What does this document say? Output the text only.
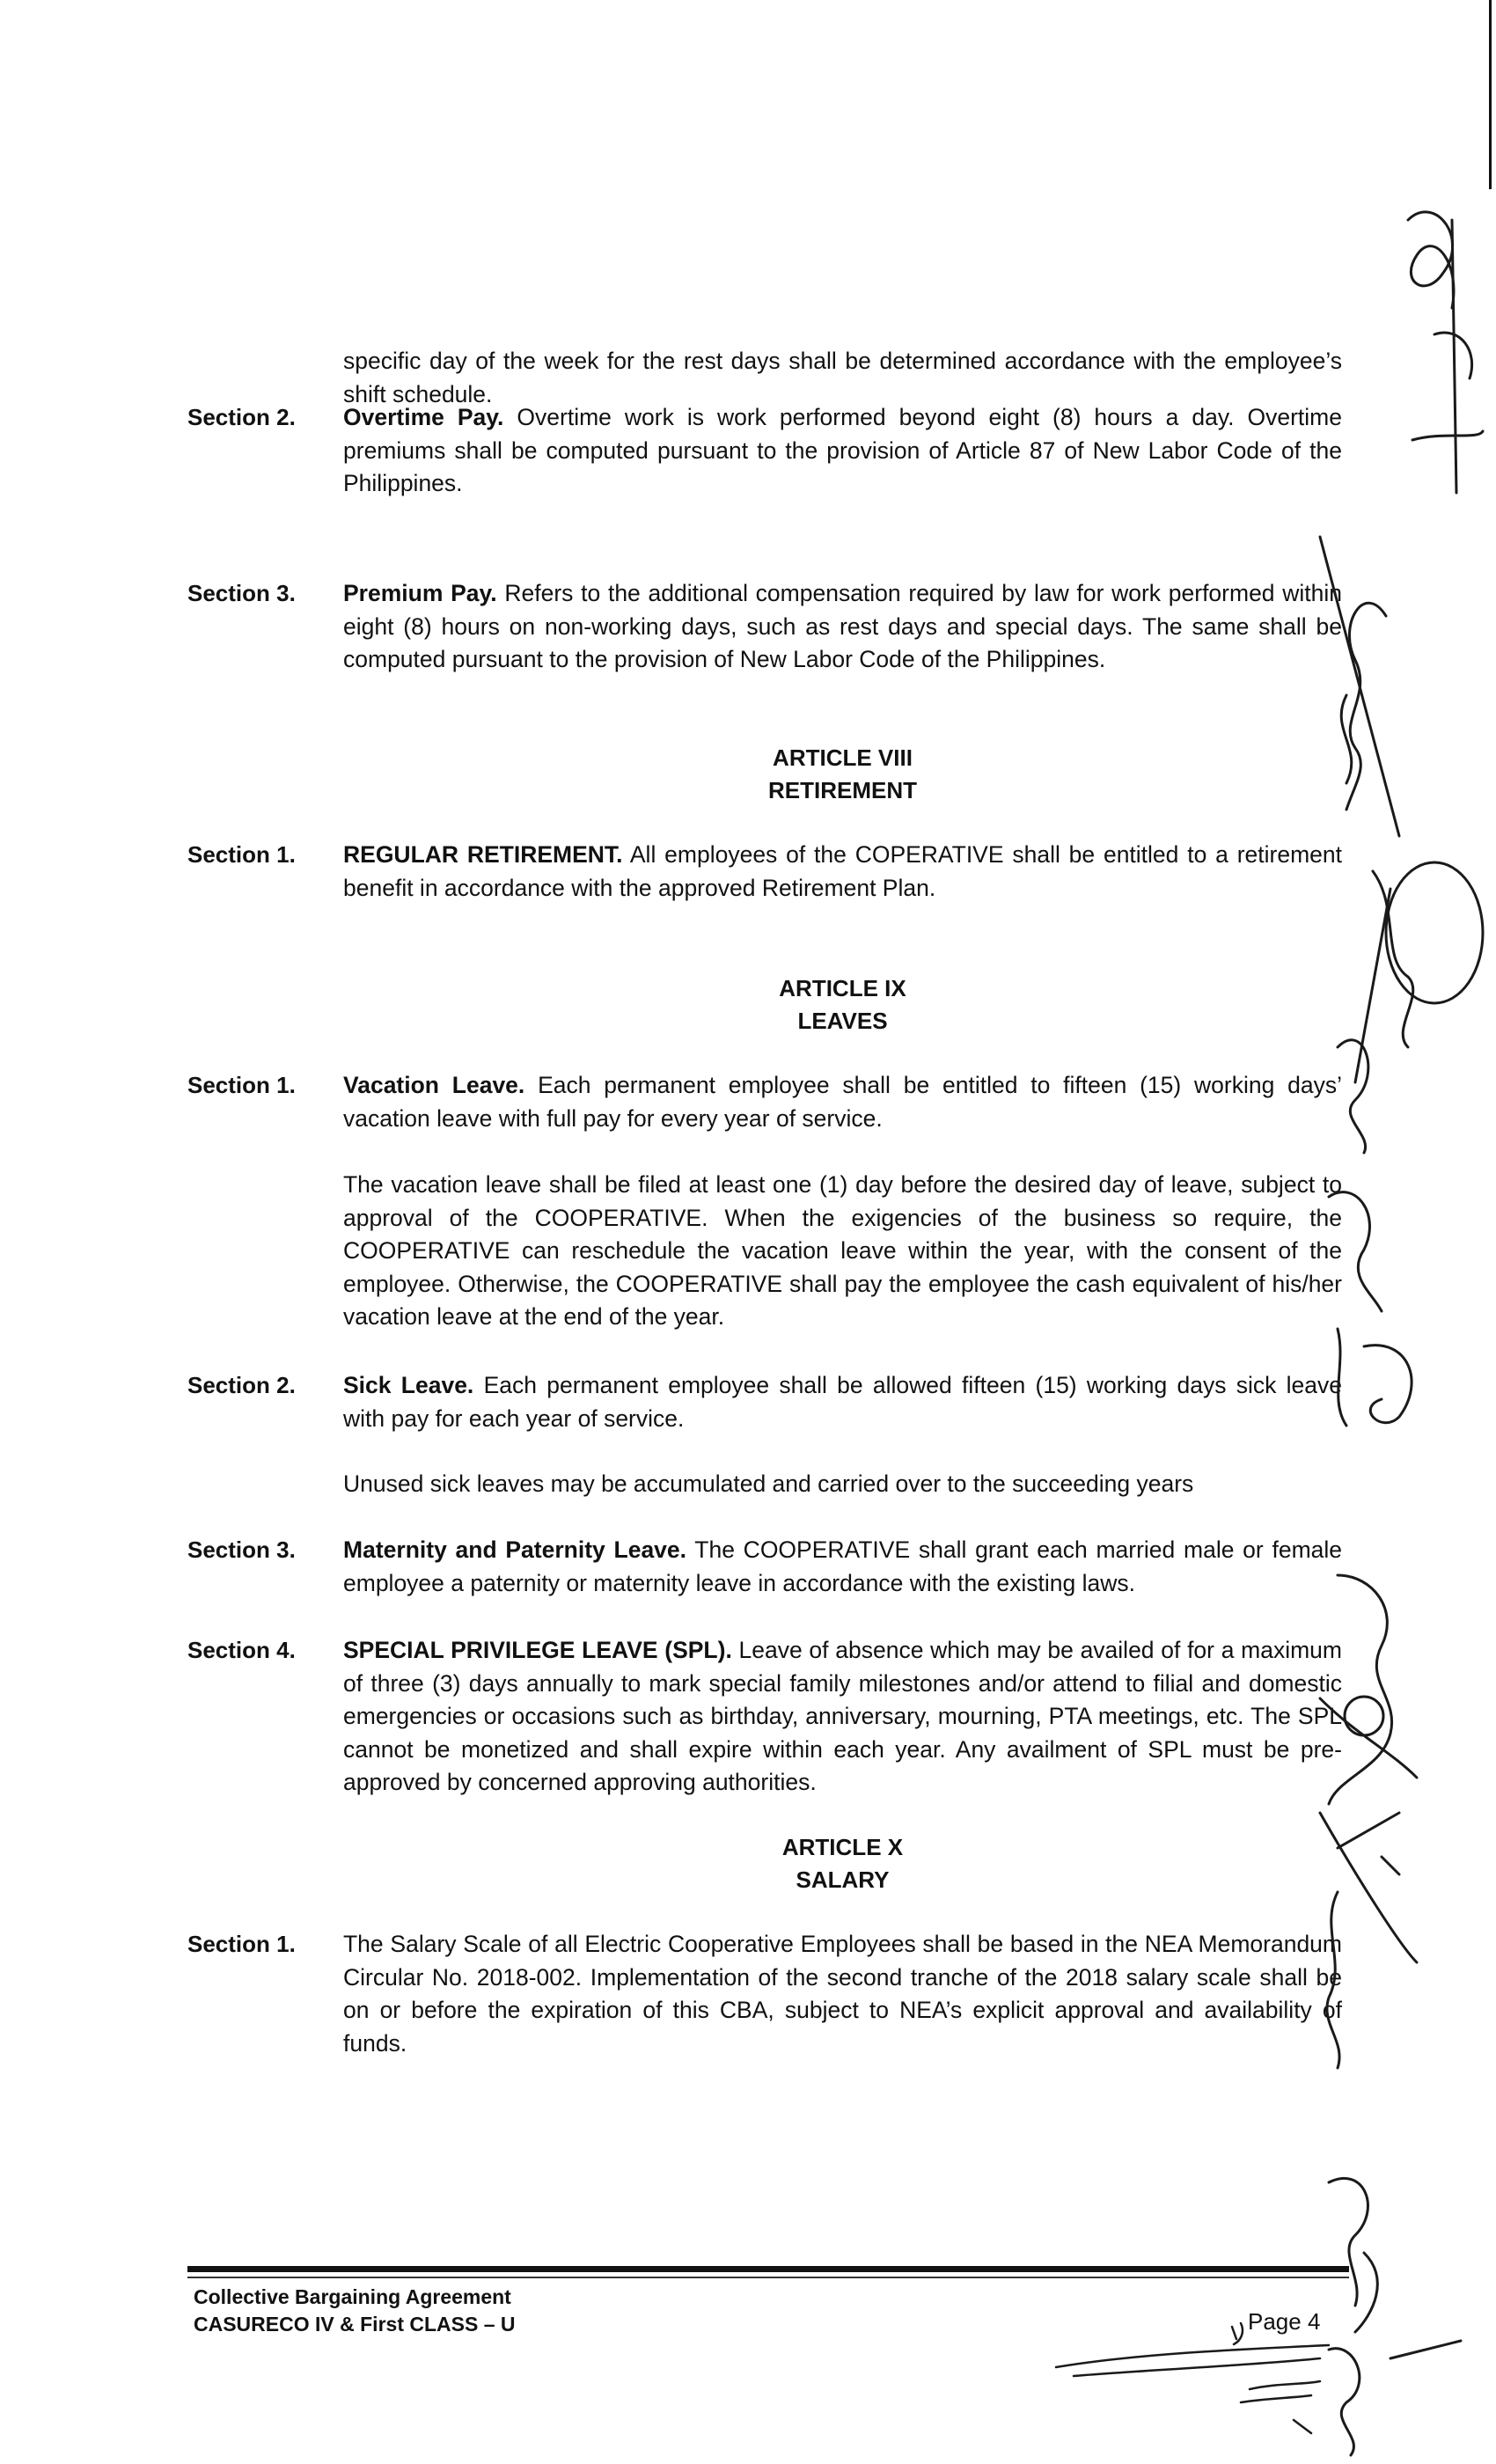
specific day of the week for the rest days shall be determined accordance with the employee’s shift schedule.
Section 2.	Overtime Pay. Overtime work is work performed beyond eight (8) hours a day. Overtime premiums shall be computed pursuant to the provision of Article 87 of New Labor Code of the Philippines.
Section 3.	Premium Pay. Refers to the additional compensation required by law for work performed within eight (8) hours on non-working days, such as rest days and special days. The same shall be computed pursuant to the provision of New Labor Code of the Philippines.
ARTICLE VIII
RETIREMENT
Section 1.	REGULAR RETIREMENT. All employees of the COPERATIVE shall be entitled to a retirement benefit in accordance with the approved Retirement Plan.
ARTICLE IX
LEAVES
Section 1.	Vacation Leave. Each permanent employee shall be entitled to fifteen (15) working days’ vacation leave with full pay for every year of service.
The vacation leave shall be filed at least one (1) day before the desired day of leave, subject to approval of the COOPERATIVE. When the exigencies of the business so require, the COOPERATIVE can reschedule the vacation leave within the year, with the consent of the employee. Otherwise, the COOPERATIVE shall pay the employee the cash equivalent of his/her vacation leave at the end of the year.
Section 2.	Sick Leave. Each permanent employee shall be allowed fifteen (15) working days sick leave with pay for each year of service.
Unused sick leaves may be accumulated and carried over to the succeeding years
Section 3.	Maternity and Paternity Leave. The COOPERATIVE shall grant each married male or female employee a paternity or maternity leave in accordance with the existing laws.
Section 4.	SPECIAL PRIVILEGE LEAVE (SPL). Leave of absence which may be availed of for a maximum of three (3) days annually to mark special family milestones and/or attend to filial and domestic emergencies or occasions such as birthday, anniversary, mourning, PTA meetings, etc. The SPL cannot be monetized and shall expire within each year. Any availment of SPL must be pre-approved by concerned approving authorities.
ARTICLE X
SALARY
Section 1.	The Salary Scale of all Electric Cooperative Employees shall be based in the NEA Memorandum Circular No. 2018-002. Implementation of the second tranche of the 2018 salary scale shall be on or before the expiration of this CBA, subject to NEA’s explicit approval and availability of funds.
Collective Bargaining Agreement
CASURECO IV & First CLASS – U	Page 4
